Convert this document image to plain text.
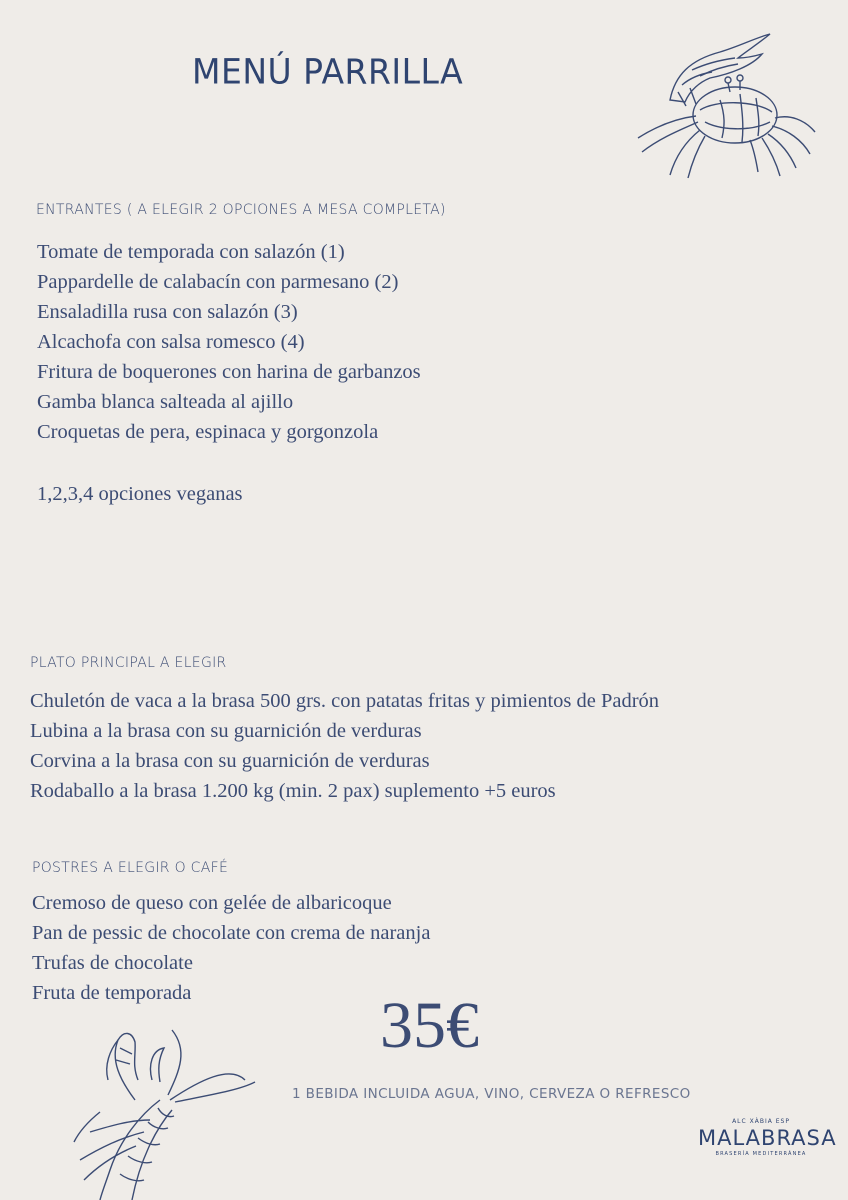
MENÚ PARRILLA
ENTRANTES ( A ELEGIR 2 OPCIONES A MESA COMPLETA)
Tomate de temporada con salazón (1)
Pappardelle de calabacín con parmesano (2)
Ensaladilla rusa con salazón (3)
Alcachofa con salsa romesco (4)
Fritura de boquerones con harina de garbanzos
Gamba blanca salteada al ajillo
Croquetas de pera, espinaca y gorgonzola
1,2,3,4 opciones veganas
PLATO PRINCIPAL A ELEGIR
Chuletón de vaca a la brasa 500 grs. con patatas fritas y pimientos de Padrón
Lubina a la brasa con su guarnición de verduras
Corvina a la brasa con su guarnición de verduras
Rodaballo a la brasa 1.200 kg (min. 2 pax) suplemento +5 euros
POSTRES A ELEGIR O CAFÉ
Cremoso de queso con gelée de albaricoque
Pan de pessic de chocolate con crema de naranja
Trufas de chocolate
Fruta de temporada	35€
1 BEBIDA INCLUIDA AGUA, VINO, CERVEZA O REFRESCO
ALC XÀBIA ESP
MALABRASA
BRASERÍA MEDITERRÁNEA
